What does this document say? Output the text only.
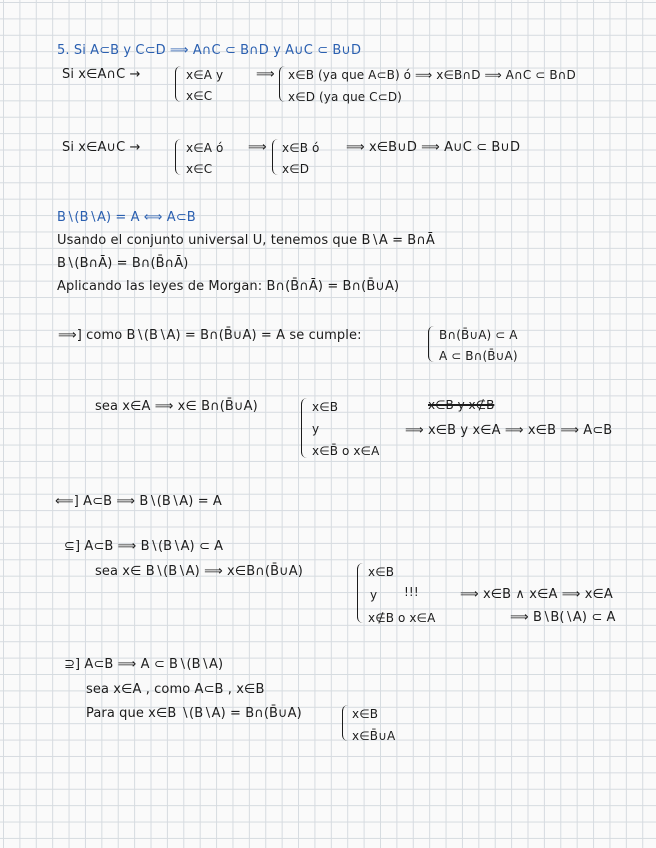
5. Si A⊂B y C⊂D ⟹ A∩C ⊂ B∩D y A∪C ⊂ B∪D
Si x∈A∩C →	x∈A y
x∈C
⟹ x∈B (ya que A⊂B) ó ⟹ x∈B∩D ⟹ A∩C ⊂ B∩D
x∈D (ya que C⊂D)
Si x∈A∪C →	x∈A ó
x∈C
⟹ x∈B ó
x∈D
⟹ x∈B∪D ⟹ A∪C ⊂ B∪D
B∖(B∖A) = A ⟺ A⊂B
Usando el conjunto universal U, tenemos que B∖A = B∩Ā
B∖(B∩Ā) = B∩(B̄∩Ā)
Aplicando las leyes de Morgan: B∩(B̄∩Ā) = B∩(B̄∪A)
⟹] como B∖(B∖A) = B∩(B̄∪A) = A se cumple:	B∩(B̄∪A) ⊂ A
A ⊂ B∩(B̄∪A)
sea x∈A ⟹ x∈ B∩(B̄∪A)	x∈B
y
x∈B̄ o x∈A
x∈B y x∉B
⟹ x∈B y x∈A ⟹ x∈B ⟹ A⊂B
⟸] A⊂B ⟹ B∖(B∖A) = A
⊆] A⊂B ⟹ B∖(B∖A) ⊂ A
sea x∈ B∖(B∖A) ⟹ x∈B∩(B̄∪A)	x∈B
y !!!
x∉B o x∈A
⟹ x∈B ∧ x∈A ⟹ x∈A
⟹ B∖B(∖A) ⊂ A
⊇] A⊂B ⟹ A ⊂ B∖(B∖A)
sea x∈A , como A⊂B , x∈B
Para que x∈B ∖(B∖A) = B∩(B̄∪A)	x∈B
x∈B̄∪A
